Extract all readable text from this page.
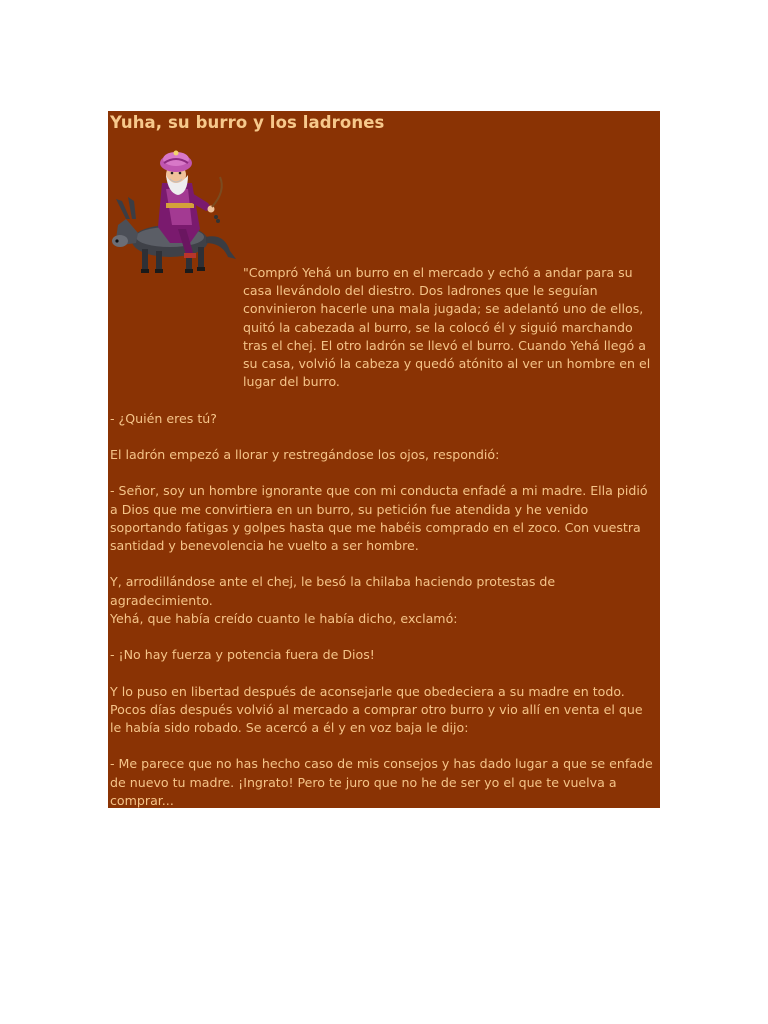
Yuha, su burro y los ladrones

"Compró Yehá un burro en el mercado y echó a andar para su casa llevándolo del diestro. Dos ladrones que le seguían convinieron hacerle una mala jugada; se adelantó uno de ellos, quitó la cabezada al burro, se la colocó él y siguió marchando tras el chej. El otro ladrón se llevó el burro. Cuando Yehá llegó a su casa, volvió la cabeza y quedó atónito al ver un hombre en el lugar del burro.

- ¿Quién eres tú?

El ladrón empezó a llorar y restregándose los ojos, respondió:

- Señor, soy un hombre ignorante que con mi conducta enfadé a mi madre. Ella pidió a Dios que me convirtiera en un burro, su petición fue atendida y he venido soportando fatigas y golpes hasta que me habéis comprado en el zoco. Con vuestra santidad y benevolencia he vuelto a ser hombre.

Y, arrodillándose ante el chej, le besó la chilaba haciendo protestas de agradecimiento.

Yehá, que había creído cuanto le había dicho, exclamó:

- ¡No hay fuerza y potencia fuera de Dios!

Y lo puso en libertad después de aconsejarle que obedeciera a su madre en todo.

Pocos días después volvió al mercado a comprar otro burro y vio allí en venta el que le había sido robado. Se acercó a él y en voz baja le dijo:

- Me parece que no has hecho caso de mis consejos y has dado lugar a que se enfade de nuevo tu madre. ¡Ingrato! Pero te juro que no he de ser yo el que te vuelva a comprar...
